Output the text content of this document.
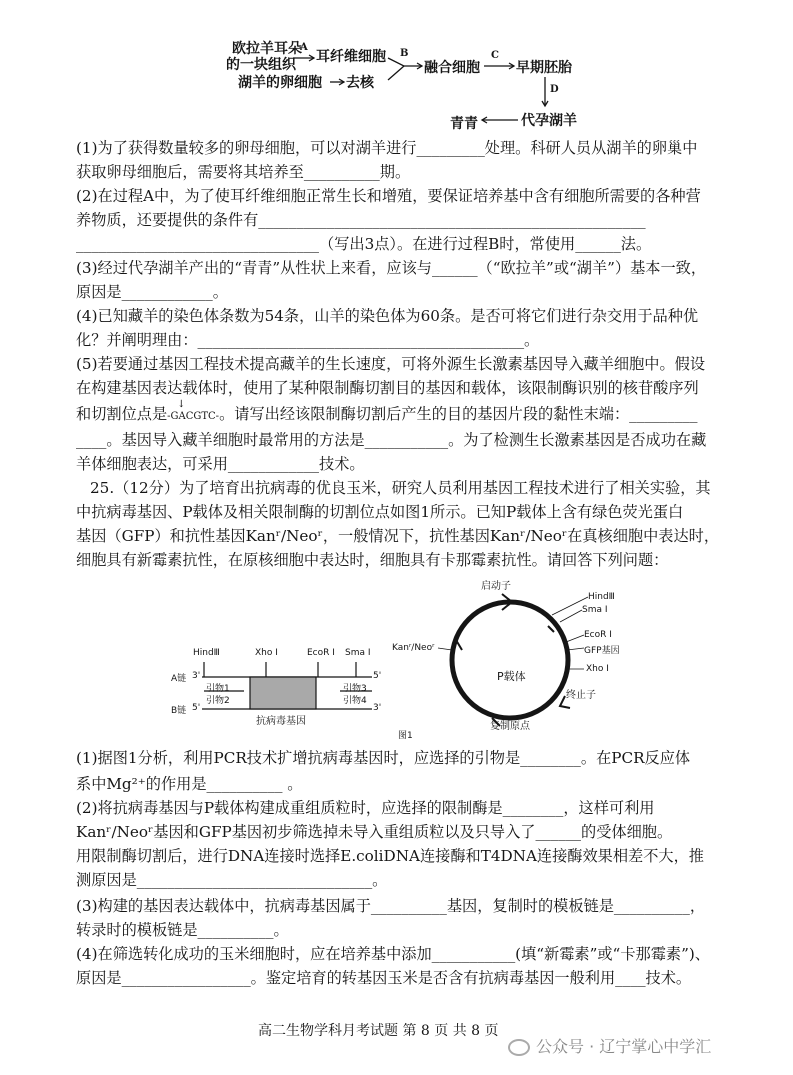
欧拉羊耳朵
的一块组织
A
耳纤维细胞
湖羊的卵细胞 去核
B
融合细胞
C
早期胚胎
D
代孕湖羊
青青
(1)为了获得数量较多的卵母细胞，可以对湖羊进行_________处理。科研人员从湖羊的卵巢中
获取卵母细胞后，需要将其培养至__________期。
(2)在过程A中，为了使耳纤维细胞正常生长和增殖，要保证培养基中含有细胞所需要的各种营
养物质，还要提供的条件有___________________________________________________
________________________________（写出3点）。在进行过程B时，常使用______法。
(3)经过代孕湖羊产出的“青青”从性状上来看，应该与______（“欧拉羊”或“湖羊”）基本一致，
原因是____________。
(4)已知藏羊的染色体条数为54条，山羊的染色体为60条。是否可将它们进行杂交用于品种优
化？并阐明理由：___________________________________________。
(5)若要通过基因工程技术提高藏羊的生长速度，可将外源生长激素基因导入藏羊细胞中。假设
在构建基因表达载体时，使用了某种限制酶切割目的基因和载体，该限制酶识别的核苷酸序列
和切割位点是
↓
-GACGTC-。请写出经该限制酶切割后产生的目的基因片段的黏性末端：_________
____。基因导入藏羊细胞时最常用的方法是___________。为了检测生长激素基因是否成功在藏
羊体细胞表达，可采用____________技术。
25.（12分）为了培育出抗病毒的优良玉米，研究人员利用基因工程技术进行了相关实验，其
中抗病毒基因、P载体及相关限制酶的切割位点如图1所示。已知P载体上含有绿色荧光蛋白
基因（GFP）和抗性基因Kanʳ/Neoʳ，一般情况下，抗性基因Kanʳ/Neoʳ在真核细胞中表达时，
细胞具有新霉素抗性，在原核细胞中表达时，细胞具有卡那霉素抗性。请回答下列问题：
HindⅢ	Xho Ⅰ	EcoR Ⅰ Sma Ⅰ
A链 3'	5'
B链 5'	3'
引物1
引物2
引物3
引物4
抗病毒基因
启动子
HindⅢ
Sma Ⅰ
EcoR Ⅰ
GFP基因
Xho Ⅰ
终止子
复制原点
Kanʳ/Neoʳ
P载体
图1
(1)据图1分析，利用PCR技术扩增抗病毒基因时，应选择的引物是________。在PCR反应体
系中Mg²⁺的作用是__________ 。
(2)将抗病毒基因与P载体构建成重组质粒时，应选择的限制酶是________，这样可利用
Kanʳ/Neoʳ基因和GFP基因初步筛选掉未导入重组质粒以及只导入了______的受体细胞。
用限制酶切割后，进行DNA连接时选择E.coliDNA连接酶和T4DNA连接酶效果相差不大，推
测原因是_______________________________。
(3)构建的基因表达载体中，抗病毒基因属于__________基因，复制时的模板链是__________，
转录时的模板链是__________。
(4)在筛选转化成功的玉米细胞时，应在培养基中添加___________(填“新霉素”或“卡那霉素”)、
原因是_________________。鉴定培育的转基因玉米是否含有抗病毒基因一般利用____技术。
高二生物学科月考试题 第 8 页 共 8 页
公众号 · 辽宁掌心中学汇
